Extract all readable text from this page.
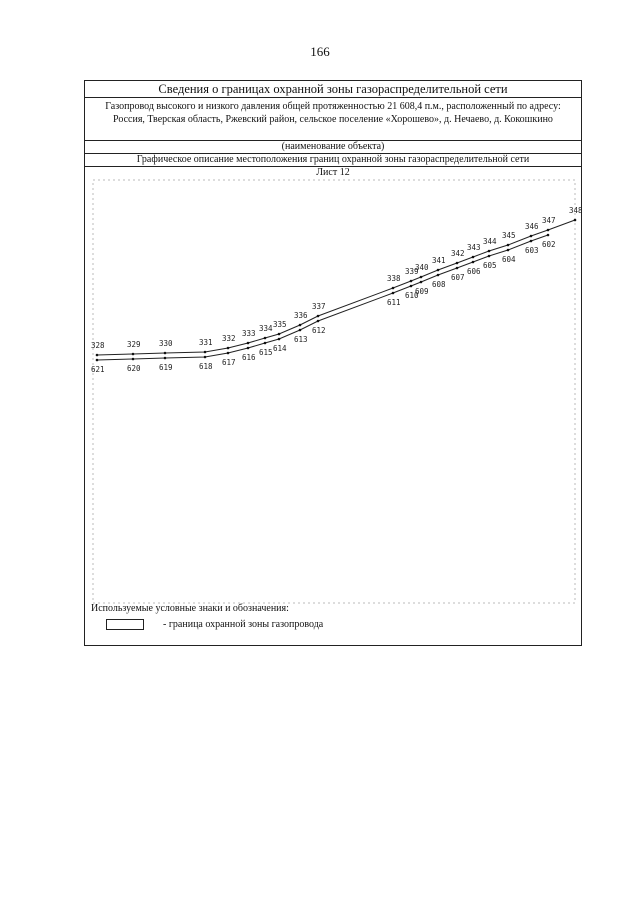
166
Сведения о границах охранной зоны газораспределительной сети
Газопровод высокого и низкого давления общей протяженностью 21 608,4 п.м., расположенный по адресу: Россия, Тверская область, Ржевский район, сельское поселение «Хорошево», д. Нечаево, д. Кокошкино
(наименование объекта)
Графическое описание местоположения границ охранной зоны газораспределительной сети
Лист 12
328	329 330	331 332
333
334 335
336
337
338
339
340
341
342
343
344
345
346
347
348
621	620 619	618 617
616
615 614
613
612
611
610
609
608
607
606
605
604
603
602
Используемые условные знаки и обозначения:
- граница охранной зоны газопровода
